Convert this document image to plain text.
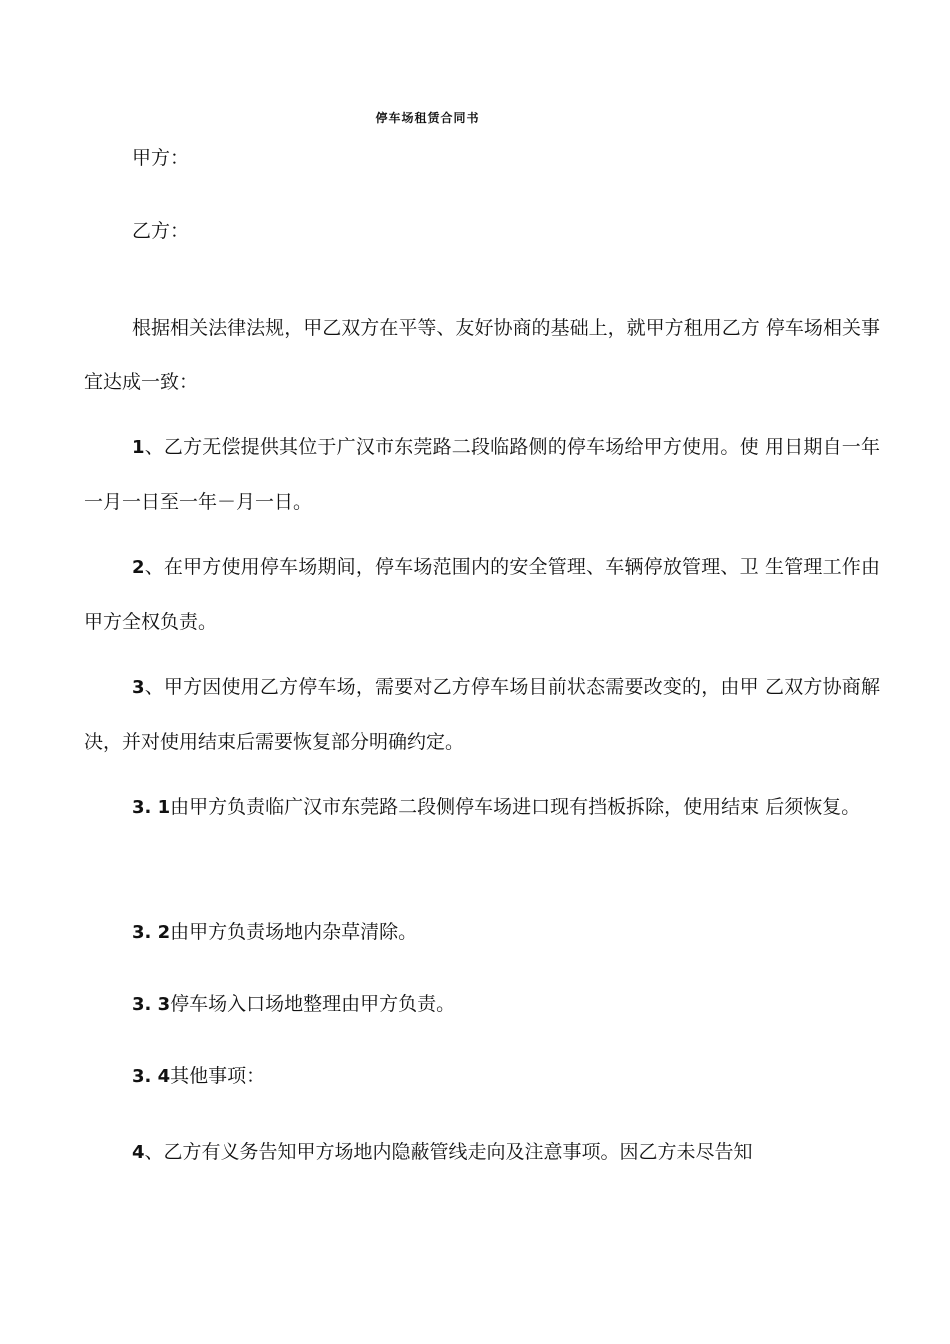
停车场租赁合同书

甲方：

乙方：

根据相关法律法规，甲乙双方在平等、友好协商的基础上，就甲方租用乙方 停车场相关事宜达成一致：

1、乙方无偿提供其位于广汉市东莞路二段临路侧的停车场给甲方使用。使 用日期自一年一月一日至一年－月一日。

2、在甲方使用停车场期间，停车场范围内的安全管理、车辆停放管理、卫 生管理工作由甲方全权负责。

3、甲方因使用乙方停车场，需要对乙方停车场目前状态需要改变的，由甲 乙双方协商解决，并对使用结束后需要恢复部分明确约定。

3. 1由甲方负责临广汉市东莞路二段侧停车场进口现有挡板拆除，使用结束 后须恢复。

3. 2由甲方负责场地内杂草清除。

3. 3停车场入口场地整理由甲方负责。

3. 4其他事项：

4、乙方有义务告知甲方场地内隐蔽管线走向及注意事项。因乙方未尽告知
